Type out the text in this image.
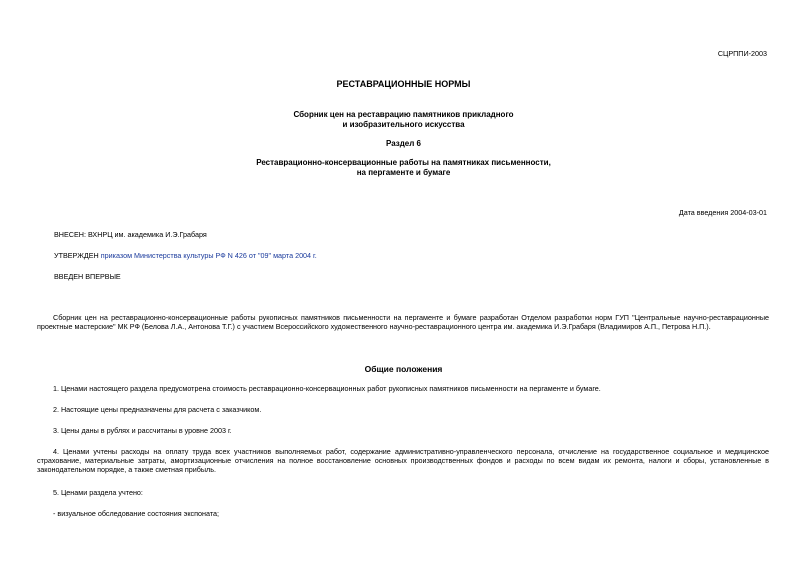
СЦРППИ-2003
РЕСТАВРАЦИОННЫЕ НОРМЫ
Сборник цен на реставрацию памятников прикладного
и изобразительного искусства
Раздел 6
Реставрационно-консервационные работы на памятниках письменности,
на пергаменте и бумаге
Дата введения 2004-03-01
ВНЕСЕН: ВХНРЦ им. академика И.Э.Грабаря
УТВЕРЖДЕН приказом Министерства культуры РФ N 426 от "09" марта 2004 г.
ВВЕДЕН ВПЕРВЫЕ
Сборник цен на реставрационно-консервационные работы рукописных памятников письменности на пергаменте и бумаге разработан Отделом разработки норм ГУП "Центральные научно-реставрационные проектные мастерские" МК РФ (Белова Л.А., Антонова Т.Г.) с участием Всероссийского художественного научно-реставрационного центра им. академика И.Э.Грабаря (Владимиров А.П., Петрова Н.П.).
Общие положения
1. Ценами настоящего раздела предусмотрена стоимость реставрационно-консервационных работ рукописных памятников письменности на пергаменте и бумаге.
2. Настоящие цены предназначены для расчета с заказчиком.
3. Цены даны в рублях и рассчитаны в уровне 2003 г.
4. Ценами учтены расходы на оплату труда всех участников выполняемых работ, содержание административно-управленческого персонала, отчисление на государственное социальное и медицинское страхование, материальные затраты, амортизационные отчисления на полное восстановление основных производственных фондов и расходы по всем видам их ремонта, налоги и сборы, установленные в законодательном порядке, а также сметная прибыль.
5. Ценами раздела учтено:
- визуальное обследование состояния экспоната;
